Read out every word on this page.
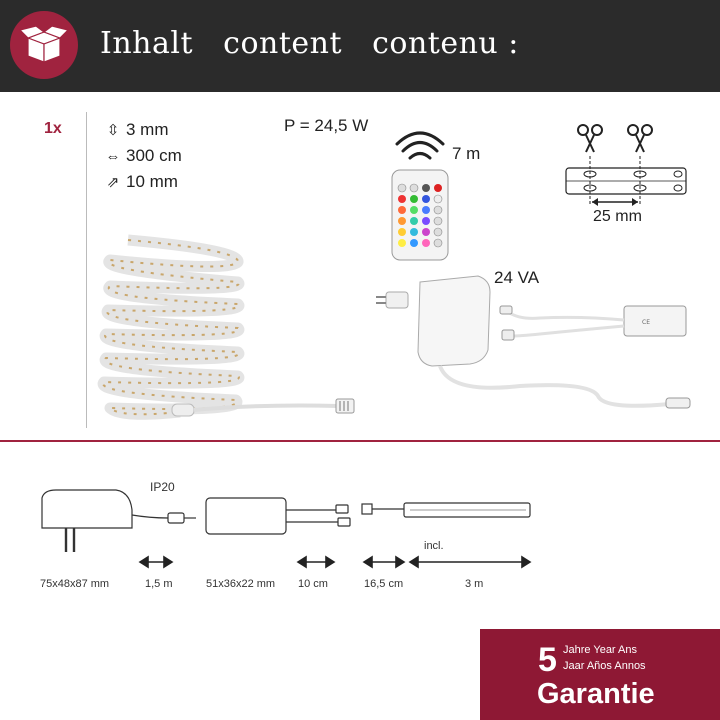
Inhalt   content   contenu :
1x	⇳ 3 mm
⇔ 300 cm
⇗ 10 mm
P = 24,5 W
7 m
24 VA
25 mm
CE
IP20
75x48x87 mm	1,5 m	51x36x22 mm 10 cm	16,5 cm
incl.
3 m
5 Jahre Year Ans
Jaar Años Annos
Garantie
